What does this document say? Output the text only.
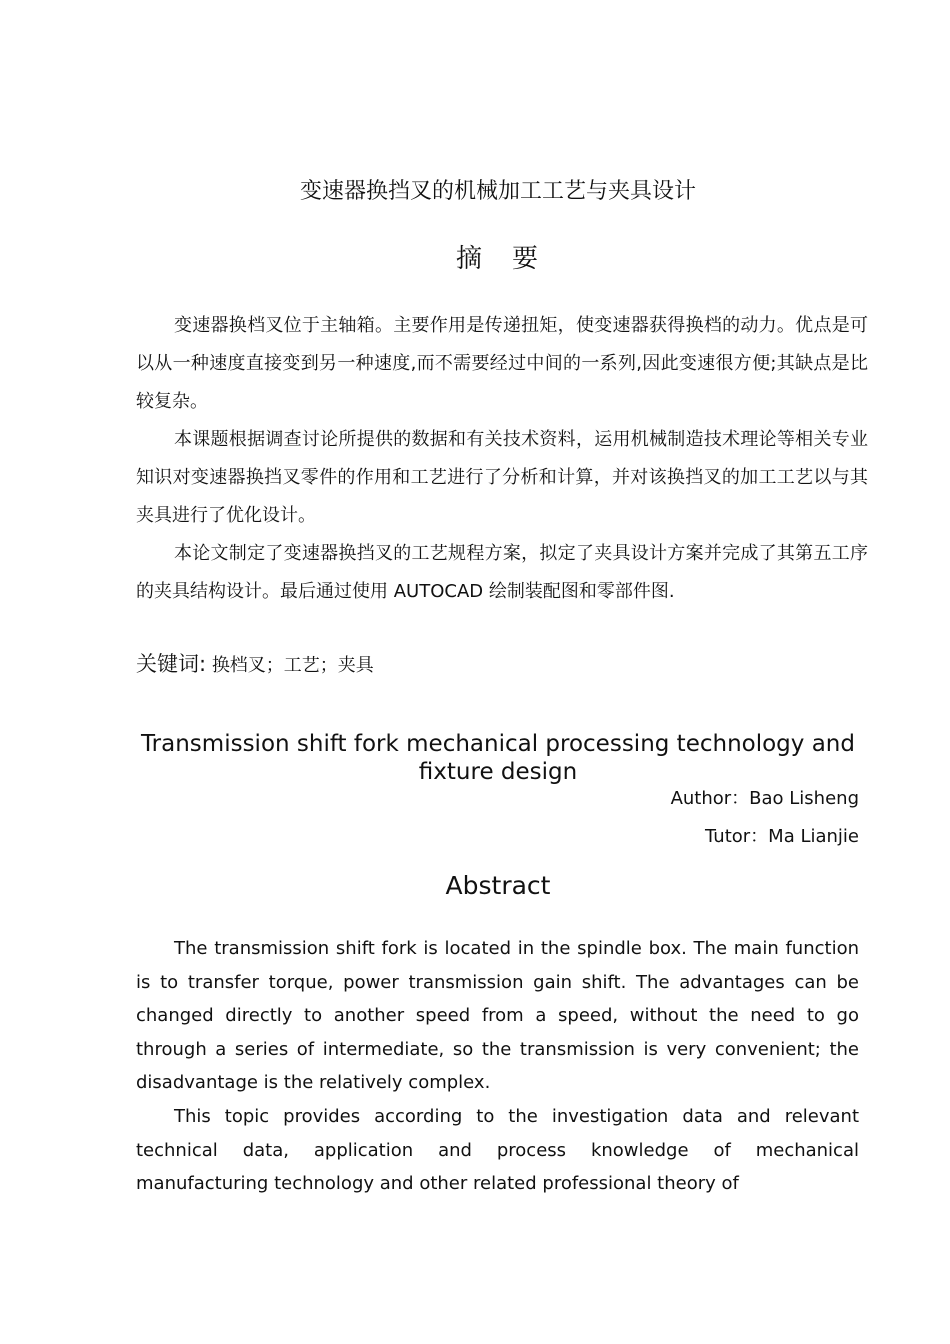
变速器换挡叉的机械加工工艺与夹具设计
摘　要

变速器换档叉位于主轴箱。主要作用是传递扭矩，使变速器获得换档的动力。优点是可以从一种速度直接变到另一种速度,而不需要经过中间的一系列,因此变速很方便;其缺点是比较复杂。

本课题根据调查讨论所提供的数据和有关技术资料，运用机械制造技术理论等相关专业知识对变速器换挡叉零件的作用和工艺进行了分析和计算，并对该换挡叉的加工工艺以与其夹具进行了优化设计。

本论文制定了变速器换挡叉的工艺规程方案，拟定了夹具设计方案并完成了其第五工序的夹具结构设计。最后通过使用 AUTOCAD 绘制装配图和零部件图.

关键词: 换档叉；工艺；夹具
Transmission shift fork mechanical processing technology and fixture design
Author：Bao Lisheng
Tutor：Ma Lianjie
Abstract

The transmission shift fork is located in the spindle box. The main function is to transfer torque, power transmission gain shift. The advantages can be changed directly to another speed from a speed, without the need to go through a series of intermediate, so the transmission is very convenient; the disadvantage is the relatively complex.

This topic provides according to the investigation data and relevant technical data, application and process knowledge of mechanical manufacturing technology and other related professional theory of
